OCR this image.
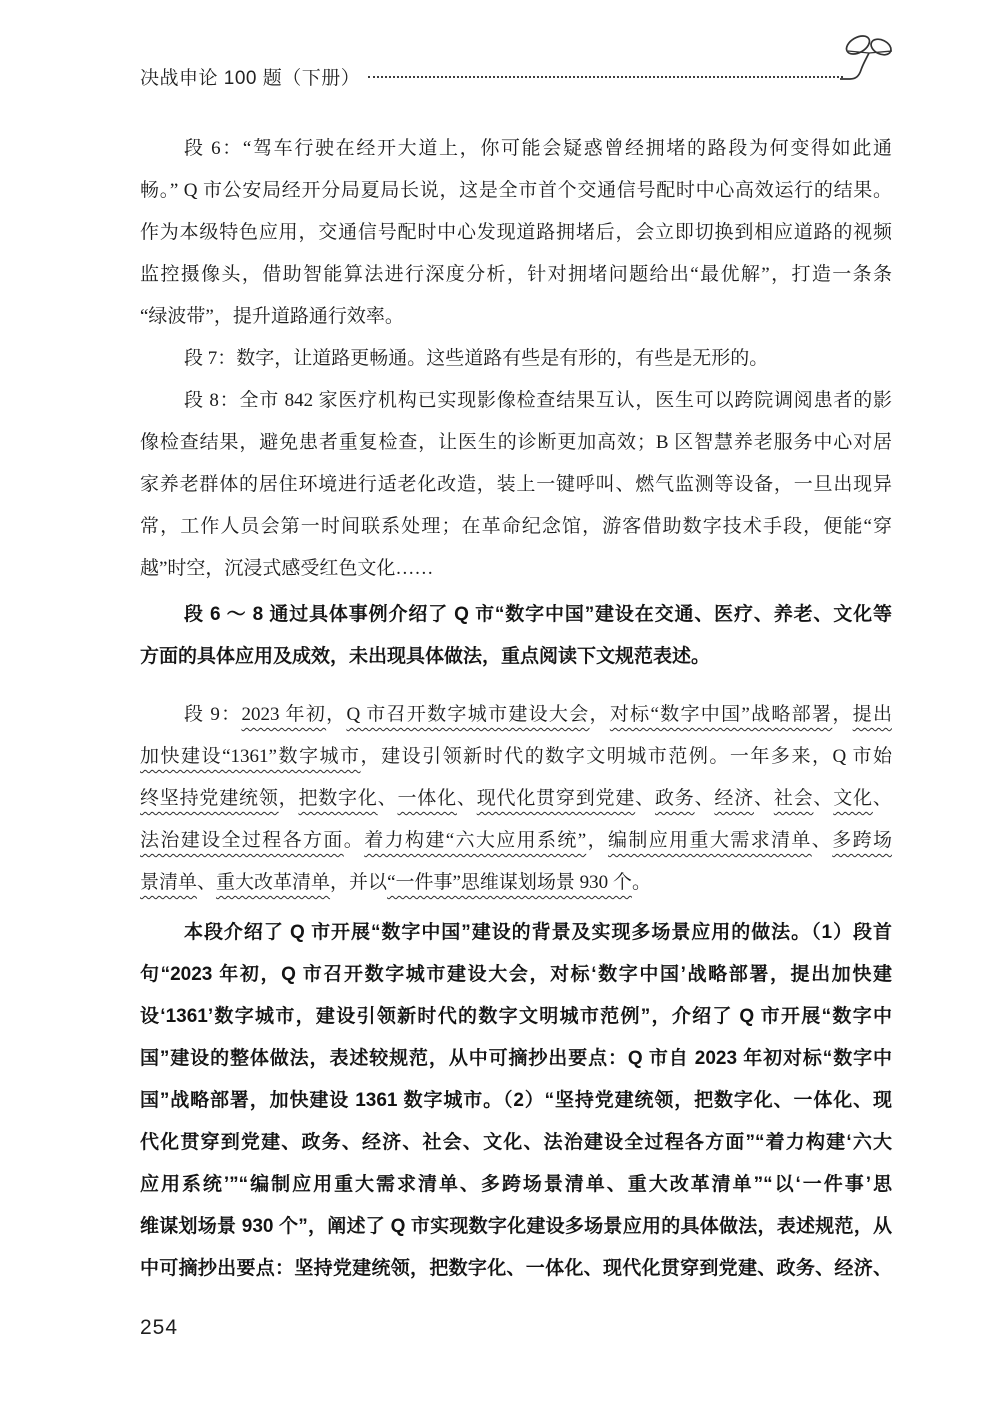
决战申论 100 题（下册）
段 6：“驾车行驶在经开大道上，你可能会疑惑曾经拥堵的路段为何变得如此通
畅。” Q 市公安局经开分局夏局长说，这是全市首个交通信号配时中心高效运行的结果。
作为本级特色应用，交通信号配时中心发现道路拥堵后，会立即切换到相应道路的视频
监控摄像头，借助智能算法进行深度分析，针对拥堵问题给出“最优解”，打造一条条
“绿波带”，提升道路通行效率。
段 7：数字，让道路更畅通。这些道路有些是有形的，有些是无形的。
段 8：全市 842 家医疗机构已实现影像检查结果互认，医生可以跨院调阅患者的影
像检查结果，避免患者重复检查，让医生的诊断更加高效；B 区智慧养老服务中心对居
家养老群体的居住环境进行适老化改造，装上一键呼叫、燃气监测等设备，一旦出现异
常，工作人员会第一时间联系处理；在革命纪念馆，游客借助数字技术手段，便能“穿
越”时空，沉浸式感受红色文化……
段 6 ～ 8 通过具体事例介绍了 Q 市“数字中国”建设在交通、医疗、养老、文化等
方面的具体应用及成效，未出现具体做法，重点阅读下文规范表述。
段 9：2023 年初，Q 市召开数字城市建设大会，对标“数字中国”战略部署，提出
加快建设“1361”数字城市，建设引领新时代的数字文明城市范例。一年多来，Q 市始
终坚持党建统领，把数字化、一体化、现代化贯穿到党建、政务、经济、社会、文化、
法治建设全过程各方面。着力构建“六大应用系统”，编制应用重大需求清单、多跨场
景清单、重大改革清单，并以“一件事”思维谋划场景 930 个。
本段介绍了 Q 市开展“数字中国”建设的背景及实现多场景应用的做法。（1）段首
句“2023 年初，Q 市召开数字城市建设大会，对标‘数字中国’战略部署，提出加快建
设‘1361’数字城市，建设引领新时代的数字文明城市范例”，介绍了 Q 市开展“数字中
国”建设的整体做法，表述较规范，从中可摘抄出要点：Q 市自 2023 年初对标“数字中
国”战略部署，加快建设 1361 数字城市。（2）“坚持党建统领，把数字化、一体化、现
代化贯穿到党建、政务、经济、社会、文化、法治建设全过程各方面”“着力构建‘六大
应用系统’”“编制应用重大需求清单、多跨场景清单、重大改革清单”“以‘一件事’思
维谋划场景 930 个”，阐述了 Q 市实现数字化建设多场景应用的具体做法，表述规范，从
中可摘抄出要点：坚持党建统领，把数字化、一体化、现代化贯穿到党建、政务、经济、
254
